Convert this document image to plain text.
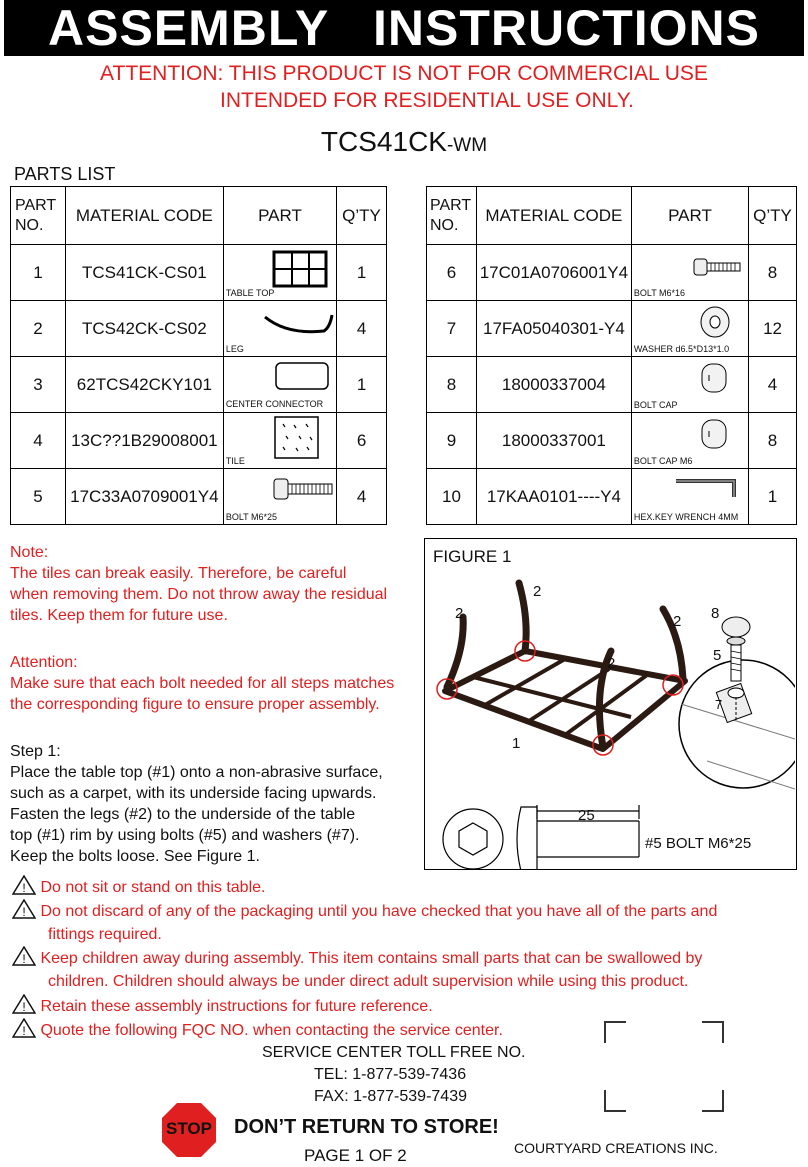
ASSEMBLY   INSTRUCTIONS
ATTENTION: THIS PRODUCT IS NOT FOR COMMERCIAL USE
INTENDED FOR RESIDENTIAL USE ONLY.
TCS41CK-WM
PARTS LIST
PART
NO.	MATERIAL CODE	PART	Q’TY
1	TCS41CK-CS01	TABLE TOP	1
2	TCS42CK-CS02	LEG	4
3	62TCS42CKY101	CENTER CONNECTOR	1
4	13C??1B29008001	TILE	6
5	17C33A0709001Y4	BOLT M6*25	4
PART
NO.	MATERIAL CODE	PART	Q’TY
6	17C01A0706001Y4	BOLT M6*16	8
7	17FA05040301-Y4	WASHER d6.5*D13*1.0	12
8	18000337004	BOLT CAP	4
9	18000337001	BOLT CAP M6	8
10	17KAA0101----Y4	HEX.KEY WRENCH 4MM	1
Note:
The tiles can break easily. Therefore, be careful
when removing them. Do not throw away the residual
tiles. Keep them for future use.
Attention:
Make sure that each bolt needed for all steps matches
the corresponding figure to ensure proper assembly.
Step 1:
Place the table top (#1) onto a non-abrasive surface,
such as a carpet, with its underside facing upwards.
Fasten the legs (#2) to the underside of the table
top (#1) rim by using bolts (#5) and washers (#7).
Keep the bolts loose. See Figure 1.
FIGURE 1
2
2
2
2
1
8
5
7
25
#5 BOLT M6*25
! Do not sit or stand on this table.
! Do not discard of any of the packaging until you have checked that you have all of the parts and
fittings required.
! Keep children away during assembly. This item contains small parts that can be swallowed by
children. Children should always be under direct adult supervision while using this product.
! Retain these assembly instructions for future reference.
! Quote the following FQC NO. when contacting the service center.
SERVICE CENTER TOLL FREE NO.
TEL: 1-877-539-7436
FAX: 1-877-539-7439
STOP DON’T RETURN TO STORE!
COURTYARD CREATIONS INC.
PAGE 1 OF 2
